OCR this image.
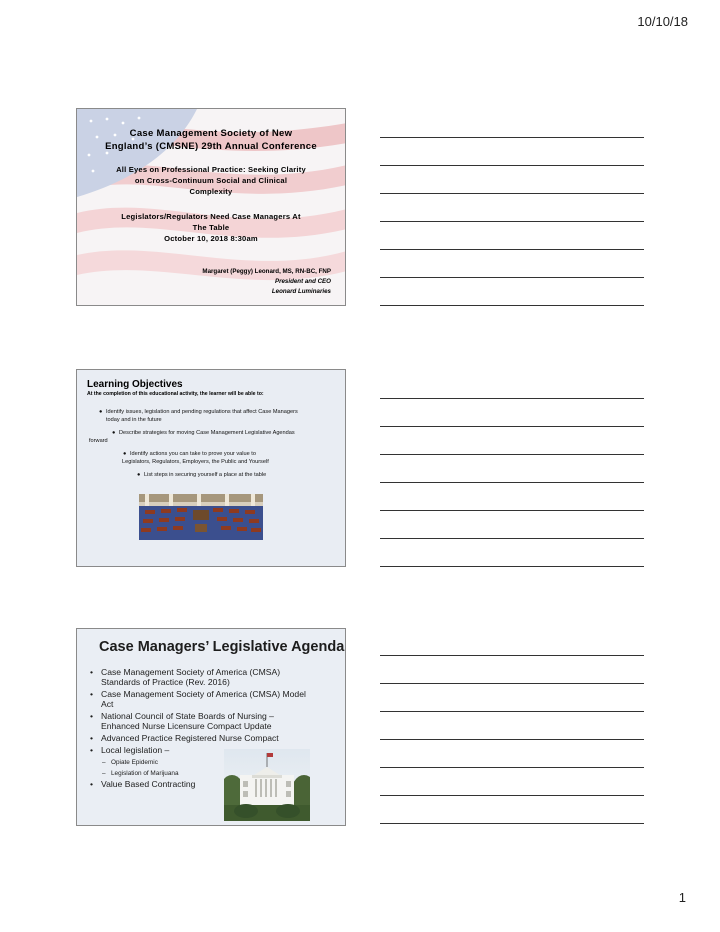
10/10/18
Case Management Society of New
England’s (CMSNE) 29th Annual Conference
All Eyes on Professional Practice: Seeking Clarity
on Cross-Continuum Social and Clinical
Complexity
Legislators/Regulators Need Case Managers At
The Table
October 10, 2018 8:30am
Margaret (Peggy) Leonard, MS, RN-BC, FNP
President and CEO
Leonard Luminaries
Learning Objectives
At the completion of this educational activity, the learner will be able to:
● Identify issues, legislation and pending regulations that affect Case Managers
today and in the future
● Describe strategies for moving Case Management Legislative Agendas
forward
● Identify actions you can take to prove your value to
Legislators, Regulators, Employers, the Public and Yourself
● List steps in securing yourself a place at the table
Case Managers’ Legislative Agenda
• Case Management Society of America (CMSA)
Standards of Practice (Rev. 2016)
• Case Management Society of America (CMSA) Model
Act
• National Council of State Boards of Nursing –
Enhanced Nurse Licensure Compact Update
• Advanced Practice Registered Nurse Compact
• Local legislation –
– Opiate Epidemic
– Legislation of Marijuana
• Value Based Contracting
1
